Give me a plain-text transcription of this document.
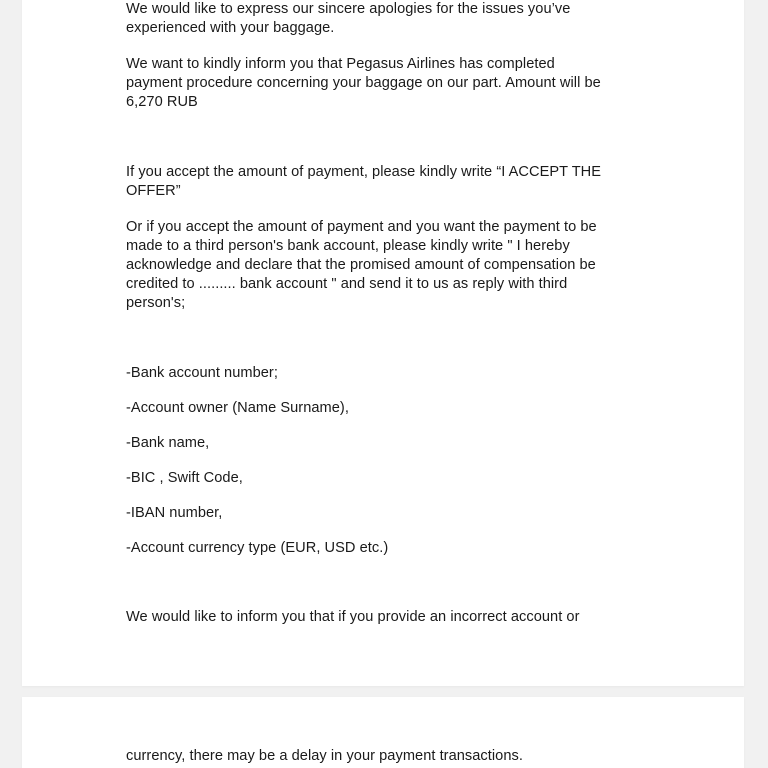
We would like to express our sincere apologies for the issues you’ve experienced with your baggage.

We want to kindly inform you that Pegasus Airlines has completed

payment procedure concerning your baggage on our part. Amount will be

6,270 RUB

If you accept the amount of payment, please kindly write “I ACCEPT THE

OFFER”

Or if you accept the amount of payment and you want the payment to be

made to a third person's bank account, please kindly write " I hereby

acknowledge and declare that the promised amount of compensation be

credited to ......... bank account " and send it to us as reply with third

person's;

-Bank account number;

-Account owner (Name Surname),

-Bank name,

-BIC , Swift Code,

-IBAN number,

-Account currency type (EUR, USD etc.)

We would like to inform you that if you provide an incorrect account or

currency, there may be a delay in your payment transactions.
